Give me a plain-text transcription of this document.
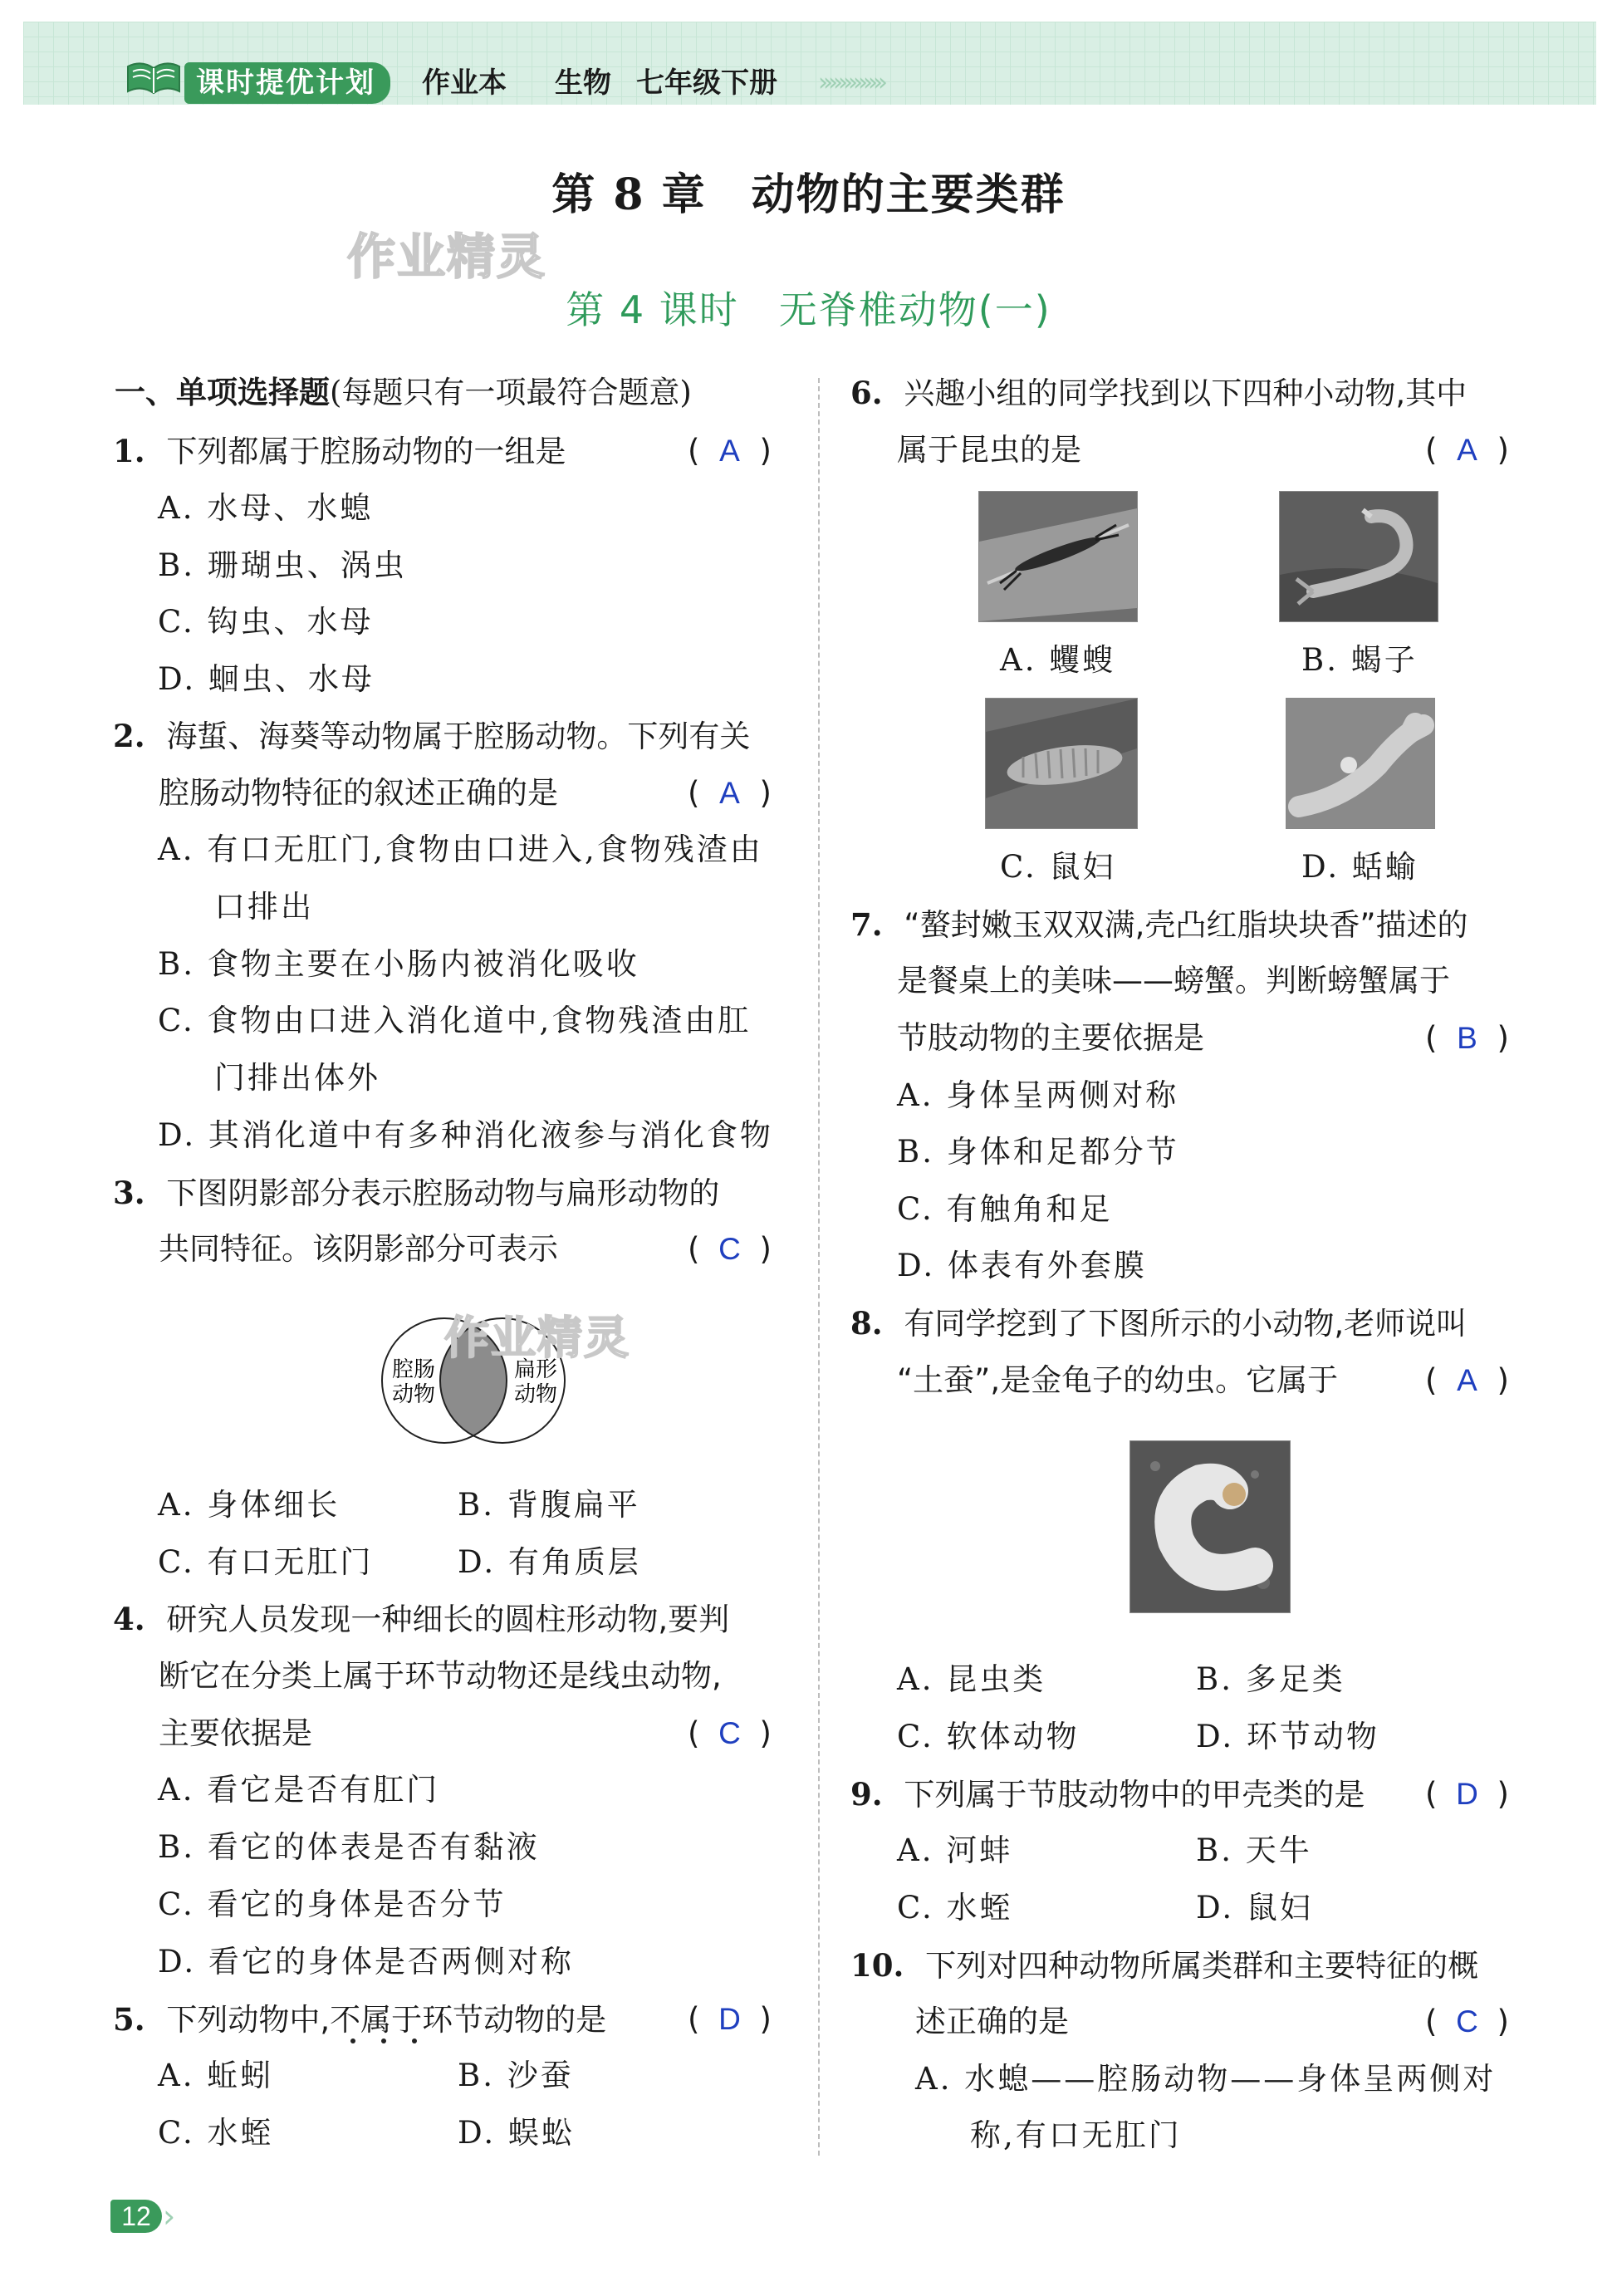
课时提优计划	作业本 生物 七年级下册 ›››››››››››››
第 8 章　动物的主要类群
作业精灵
第 4 课时　无脊椎动物(一)
一、单项选择题(每题只有一项最符合题意)
1. 下列都属于腔肠动物的一组是	( A )
A. 水母、水螅
B. 珊瑚虫、涡虫
C. 钩虫、水母
D. 蛔虫、水母
2. 海蜇、海葵等动物属于腔肠动物。下列有关
腔肠动物特征的叙述正确的是	( A )
A. 有口无肛门,食物由口进入,食物残渣由
口排出
B. 食物主要在小肠内被消化吸收
C. 食物由口进入消化道中,食物残渣由肛
门排出体外
D. 其消化道中有多种消化液参与消化食物
3. 下图阴影部分表示腔肠动物与扁形动物的
共同特征。该阴影部分可表示	( C )
腔肠
动物
扁形
动物
作业精灵
A. 身体细长	B. 背腹扁平
C. 有口无肛门	D. 有角质层
4. 研究人员发现一种细长的圆柱形动物,要判
断它在分类上属于环节动物还是线虫动物,
主要依据是	( C )
A. 看它是否有肛门
B. 看它的体表是否有黏液
C. 看它的身体是否分节
D. 看它的身体是否两侧对称
5. 下列动物中,不属于环节动物的是	( D )
A. 蚯蚓	B. 沙蚕
C. 水蛭	D. 蜈蚣
6. 兴趣小组的同学找到以下四种小动物,其中
属于昆虫的是	( A )
A. 蠼螋	B. 蝎子
C. 鼠妇	D. 蛞蝓
7. “螯封嫩玉双双满,壳凸红脂块块香”描述的
是餐桌上的美味——螃蟹。判断螃蟹属于
节肢动物的主要依据是	( B )
A. 身体呈两侧对称
B. 身体和足都分节
C. 有触角和足
D. 体表有外套膜
8. 有同学挖到了下图所示的小动物,老师说叫
“土蚕”,是金龟子的幼虫。它属于	( A )
A. 昆虫类	B. 多足类
C. 软体动物	D. 环节动物
9. 下列属于节肢动物中的甲壳类的是 ( D )
A. 河蚌	B. 天牛
C. 水蛭	D. 鼠妇
10. 下列对四种动物所属类群和主要特征的概
述正确的是	( C )
A. 水螅——腔肠动物——身体呈两侧对
称,有口无肛门
12 ›
